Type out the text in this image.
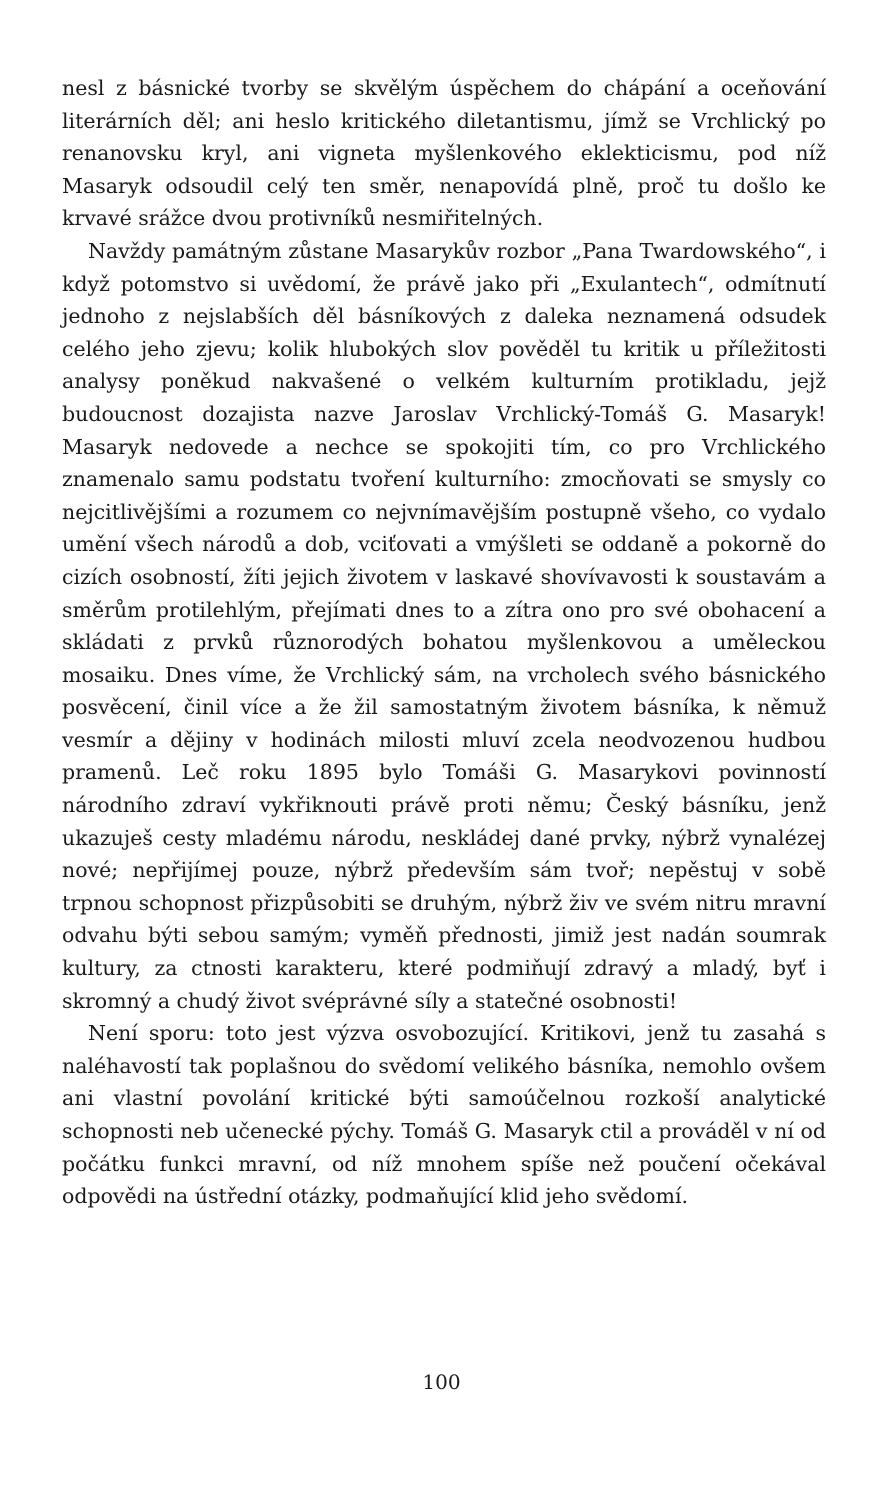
nesl z básnické tvorby se skvělým úspěchem do chápání a oceňování literárních děl; ani heslo kritického diletantismu, jímž se Vrchlický po renanovsku kryl, ani vigneta myšlenkového eklekticismu, pod níž Masaryk odsoudil celý ten směr, nenapovídá plně, proč tu došlo ke krvavé srážce dvou protivníků nesmiřitelných.

Navždy památným zůstane Masarykův rozbor „Pana Twardowského“, i když potomstvo si uvědomí, že právě jako při „Exulantech“, odmítnutí jednoho z nejslabších děl básníkových z daleka neznamená odsudek celého jeho zjevu; kolik hlubokých slov pověděl tu kritik u příležitosti analysy poněkud nakvašené o velkém kulturním protikladu, jejž budoucnost dozajista nazve Jaroslav Vrchlický-Tomáš G. Masaryk! Masaryk nedovede a nechce se spokojiti tím, co pro Vrchlického znamenalo samu podstatu tvoření kulturního: zmocňovati se smysly co nejcitlivějšími a rozumem co nejvnímavějším postupně všeho, co vydalo umění všech národů a dob, vciťovati a vmýšleti se oddaně a pokorně do cizích osobností, žíti jejich životem v laskavé shovívavosti k soustavám a směrům protilehlým, přejímati dnes to a zítra ono pro své obohacení a skládati z prvků různorodých bohatou myšlenkovou a uměleckou mosaiku. Dnes víme, že Vrchlický sám, na vrcholech svého básnického posvěcení, činil více a že žil samostatným životem básníka, k němuž vesmír a dějiny v hodinách milosti mluví zcela neodvozenou hudbou pramenů. Leč roku 1895 bylo Tomáši G. Masarykovi povinností národního zdraví vykřiknouti právě proti němu; Český básníku, jenž ukazuješ cesty mladému národu, neskládej dané prvky, nýbrž vynalézej nové; nepřijímej pouze, nýbrž především sám tvoř; nepěstuj v sobě trpnou schopnost přizpůsobiti se druhým, nýbrž živ ve svém nitru mravní odvahu býti sebou samým; vyměň přednosti, jimiž jest nadán soumrak kultury, za ctnosti karakteru, které podmiňují zdravý a mladý, byť i skromný a chudý život svéprávné síly a statečné osobnosti!

Není sporu: toto jest výzva osvobozující. Kritikovi, jenž tu zasahá s naléhavostí tak poplašnou do svědomí velikého básníka, nemohlo ovšem ani vlastní povolání kritické býti samoúčelnou rozkoší analytické schopnosti neb učenecké pýchy. Tomáš G. Masaryk ctil a prováděl v ní od počátku funkci mravní, od níž mnohem spíše než poučení očekával odpovědi na ústřední otázky, podmaňující klid jeho svědomí.

100
